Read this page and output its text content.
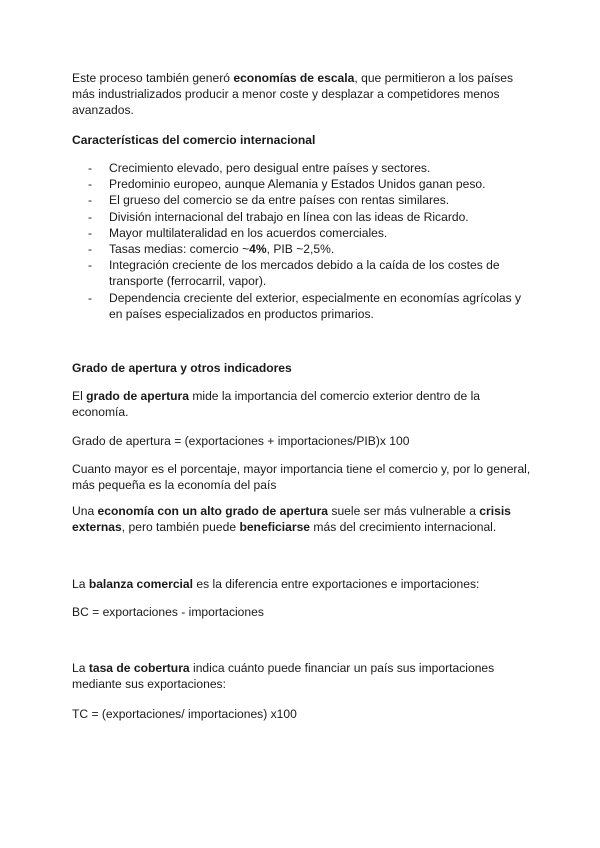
Este proceso también generó economías de escala, que permitieron a los países más industrializados producir a menor coste y desplazar a competidores menos avanzados.

Características del comercio internacional
- Crecimiento elevado, pero desigual entre países y sectores.
- Predominio europeo, aunque Alemania y Estados Unidos ganan peso.
- El grueso del comercio se da entre países con rentas similares.
- División internacional del trabajo en línea con las ideas de Ricardo.
- Mayor multilateralidad en los acuerdos comerciales.
- Tasas medias: comercio ~4%, PIB ~2,5%.
- Integración creciente de los mercados debido a la caída de los costes de transporte (ferrocarril, vapor).
- Dependencia creciente del exterior, especialmente en economías agrícolas y en países especializados en productos primarios.
Grado de apertura y otros indicadores

El grado de apertura mide la importancia del comercio exterior dentro de la economía.

Grado de apertura = (exportaciones + importaciones/PIB)x 100

Cuanto mayor es el porcentaje, mayor importancia tiene el comercio y, por lo general, más pequeña es la economía del país

Una economía con un alto grado de apertura suele ser más vulnerable a crisis externas, pero también puede beneficiarse más del crecimiento internacional.

La balanza comercial es la diferencia entre exportaciones e importaciones:

BC = exportaciones - importaciones

La tasa de cobertura indica cuánto puede financiar un país sus importaciones mediante sus exportaciones:

TC = (exportaciones/ importaciones) x100
